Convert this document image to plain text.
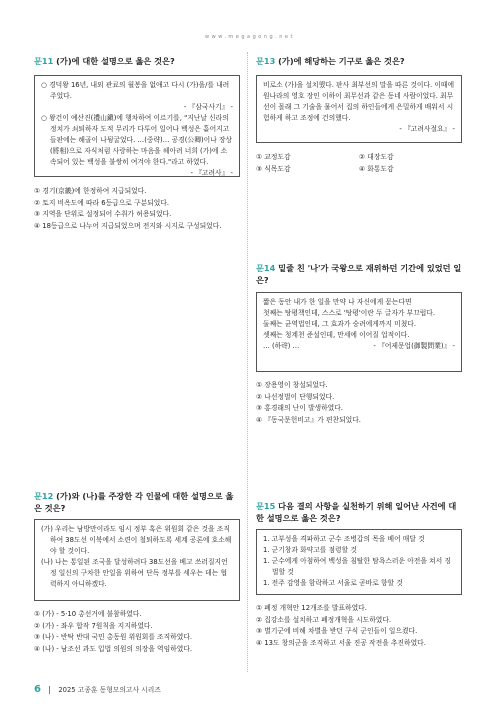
www.megagong.net
문11 (가)에 대한 설명으로 옳은 것은?
○ 경덕왕 16년, 내외 관료의 월봉을 없애고 다시 (가)을/를 내려주었다.
- 『삼국사기』 -
○ 왕건이 예산진(禮山鎭)에 행차하여 이르기를, "지난날 신라의 정치가 쇠퇴하자 도적 무리가 다투어 일어나 백성은 흩어지고 들판에는 해골이 나뒹굴었다. …(중략)… 공경(公卿)이나 장상(將相)으로 자식처럼 사랑하는 마음을 헤아려 너희 (가)에 소속되어 있는 백성을 불쌍히 여겨야 한다."라고 하였다.
- 『고려사』 -
① 경기(京畿)에 한정하여 지급되었다.
② 토지 비옥도에 따라 6등급으로 구분되었다.
③ 지역을 단위로 설정되어 수취가 허용되었다.
④ 18등급으로 나누어 지급되었으며 전지와 시지로 구성되었다.
문12 (가)와 (나)를 주장한 각 인물에 대한 설명으로 옳은 것은?
(가) 우리는 남방만이라도 임시 정부 혹은 위원회 같은 것을 조직하여 38도선 이북에서 소련이 철퇴하도록 세계 공론에 호소해야 할 것이다.
(나) 나는 통일된 조국을 달성하려다 38도선을 베고 쓰러질지언정 일신의 구차한 안일을 위하여 단독 정부를 세우는 데는 협력하지 아니하겠다.
① (가) - 5·10 총선거에 불참하였다.
② (가) - 좌우 합작 7원칙을 지지하였다.
③ (나) - 반탁 반대 국민 총동원 위원회를 조직하였다.
④ (나) - 남조선 과도 입법 의원의 의장을 역임하였다.
문13 (가)에 해당하는 기구로 옳은 것은?
비로소 (가)을 설치했다. 판사 최부선의 말을 따른 것이다. 이때에 원나라의 영호 장인 이하이 최무선과 같은 동네 사람이었다. 최무선이 몰래 그 기술을 물어서 집의 하인들에게 은밀하게 배워서 시험하게 하고 조정에 건의했다.
- 『고려사절요』 -
① 교정도감	② 대장도감
③ 식목도감	④ 화통도감
문14 밑줄 친 '나'가 국왕으로 재위하던 기간에 있었던 일은?
짧은 동안 내가 한 일을 만약 나 자신에게 묻는다면
첫째는 탕평책인데, 스스로 '탕평'이란 두 글자가 부끄럽다.
둘째는 균역법인데, 그 효과가 승려에게까지 미쳤다.
셋째는 청계천 준설인데, 만세에 이어질 업적이다.
… (하략) …	- 『어제문업(御製問業)』 -
① 장용영이 창설되었다.
② 나선정벌이 단행되었다.
③ 홍경래의 난이 발생하였다.
④ 『동국문헌비고』가 편찬되었다.
문15 다음 결의 사항을 실천하기 위해 일어난 사건에 대한 설명으로 옳은 것은?
1. 고부성을 격파하고 군수 조병갑의 목을 베어 매달 것
1. 군기창과 화약고를 점령할 것
1. 군수에게 아첨하여 백성을 침탈한 탐욕스러운 아전을 쳐서 징벌할 것
1. 전주 감영을 함락하고 서울로 곧바로 향할 것
① 폐정 개혁안 12개조를 발표하였다.
② 집강소를 설치하고 폐정개혁을 시도하였다.
③ 별기군에 비해 차별을 받던 구식 군인들이 일으켰다.
④ 13도 창의군을 조직하고 서울 진공 작전을 추진하였다.
6	2025 고종훈 동형모의고사 시리즈
